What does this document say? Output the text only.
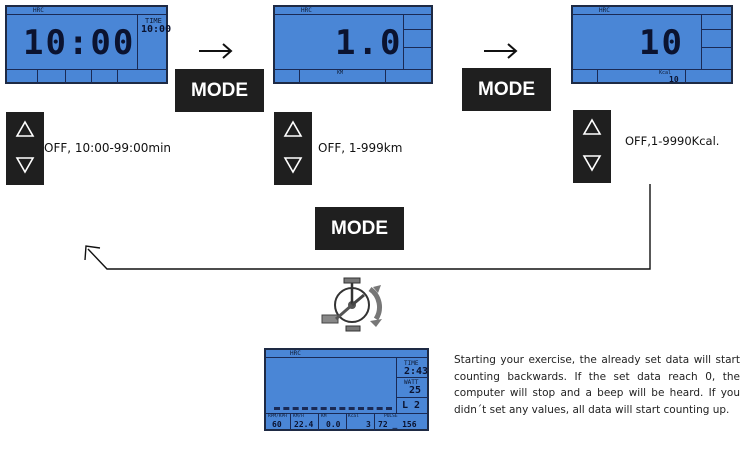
HRC
TIME
10:00
10:00
HRC
1.0
KM
HRC
10
Kcal
10
MODE	MODE
MODE
OFF, 10:00-99:00min	OFF, 1-999km	OFF,1-9990Kcal.
HRC
TIME
2:43
WATT
25
L 2
RPM/KPH KM/H	KM	Kcal	PULSE
60 22.4 0.0	3 72 _ 156
Starting your exercise, the already set data will start counting backwards. If the set data reach 0, the computer will stop and a beep will be heard. If you didn´t set any values, all data will start counting up.
